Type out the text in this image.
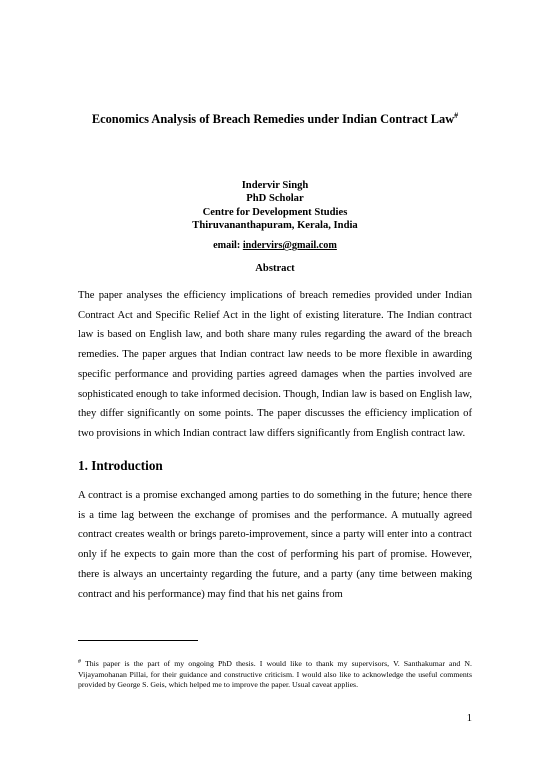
Economics Analysis of Breach Remedies under Indian Contract Law#
Indervir Singh
PhD Scholar
Centre for Development Studies
Thiruvananthapuram, Kerala, India
email: indervirs@gmail.com
Abstract

The paper analyses the efficiency implications of breach remedies provided under Indian Contract Act and Specific Relief Act in the light of existing literature. The Indian contract law is based on English law, and both share many rules regarding the award of the breach remedies. The paper argues that Indian contract law needs to be more flexible in awarding specific performance and providing parties agreed damages when the parties involved are sophisticated enough to take informed decision. Though, Indian law is based on English law, they differ significantly on some points. The paper discusses the efficiency implication of two provisions in which Indian contract law differs significantly from English contract law.

1. Introduction

A contract is a promise exchanged among parties to do something in the future; hence there is a time lag between the exchange of promises and the performance. A mutually agreed contract creates wealth or brings pareto-improvement, since a party will enter into a contract only if he expects to gain more than the cost of performing his part of promise. However, there is always an uncertainty regarding the future, and a party (any time between making contract and his performance) may find that his net gains from

# This paper is the part of my ongoing PhD thesis. I would like to thank my supervisors, V. Santhakumar and N. Vijayamohanan Pillai, for their guidance and constructive criticism. I would also like to acknowledge the useful comments provided by George S. Geis, which helped me to improve the paper. Usual caveat applies.

1
